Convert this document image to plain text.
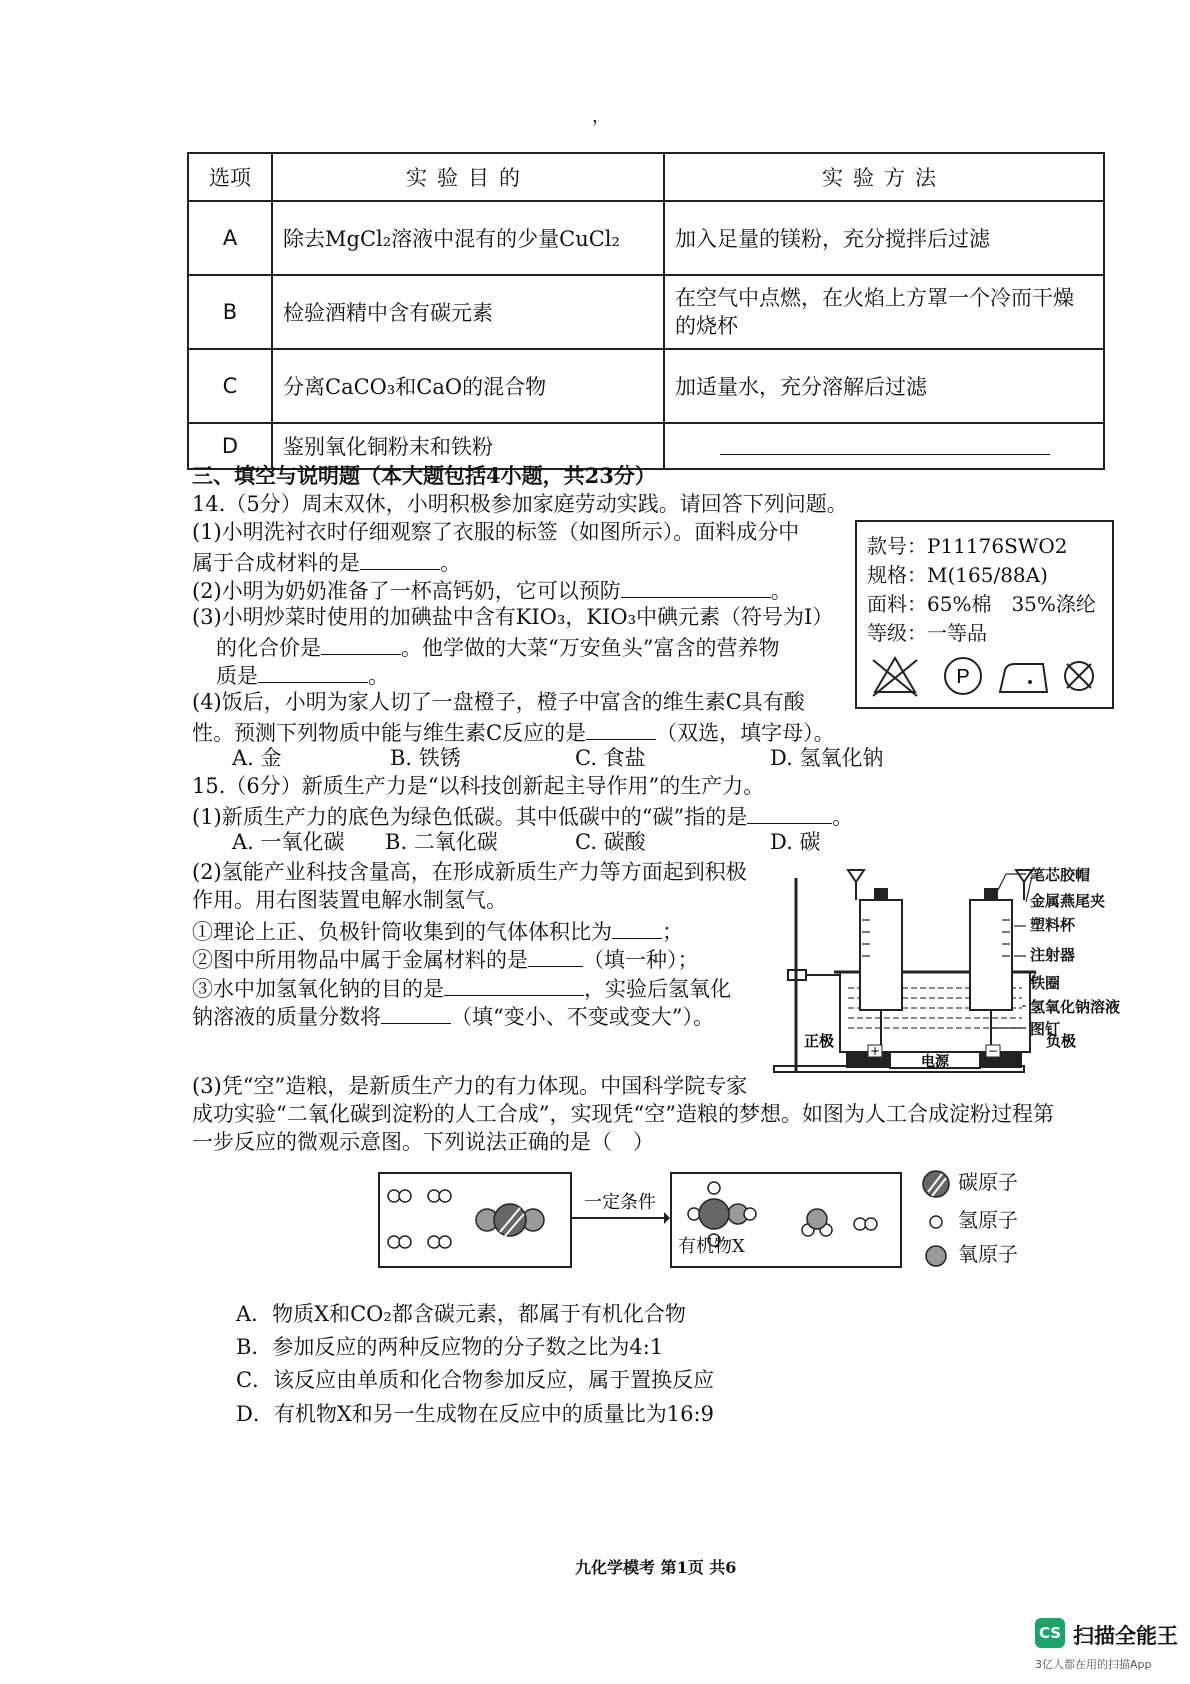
，
选项	实验目的	实验方法
A	除去MgCl₂溶液中混有的少量CuCl₂	加入足量的镁粉，充分搅拌后过滤
B	检验酒精中含有碳元素	在空气中点燃，在火焰上方罩一个冷而干燥的烧杯
C	分离CaCO₃和CaO的混合物	加适量水，充分溶解后过滤
D	鉴别氧化铜粉末和铁粉	
三、填空与说明题（本大题包括4小题，共23分）
14.（5分）周末双休，小明积极参加家庭劳动实践。请回答下列问题。
(1)小明洗衬衣时仔细观察了衣服的标签（如图所示）。面料成分中
属于合成材料的是	。
(2)小明为奶奶准备了一杯高钙奶，它可以预防	。
(3)小明炒菜时使用的加碘盐中含有KIO₃，KIO₃中碘元素（符号为I）
的化合价是	。他学做的大菜“万安鱼头”富含的营养物
质是	。
(4)饭后，小明为家人切了一盘橙子，橙子中富含的维生素C具有酸
性。预测下列物质中能与维生素C反应的是	（双选，填字母）。
A. 金	B. 铁锈	C. 食盐	D. 氢氧化钠
款号：P11176SWO2
规格：M(165/88A)
面料：65%棉　35%涤纶
等级：一等品
P
15.（6分）新质生产力是“以科技创新起主导作用”的生产力。
(1)新质生产力的底色为绿色低碳。其中低碳中的“碳”指的是	。
A. 一氧化碳 B. 二氧化碳	C. 碳酸	D. 碳
(2)氢能产业科技含量高，在形成新质生产力等方面起到积极
作用。用右图装置电解水制氢气。
①理论上正、负极针筒收集到的气体体积比为 ；
②图中所用物品中属于金属材料的是	（填一种）；
③水中加氢氧化钠的目的是	，实验后氢氧化
钠溶液的质量分数将	（填“变小、不变或变大”）。
电源
+	−
正极	负极
笔芯胶帽
金属燕尾夹
塑料杯
注射器
铁圈
氢氧化钠溶液
图钉
(3)凭“空”造粮，是新质生产力的有力体现。中国科学院专家
成功实验“二氧化碳到淀粉的人工合成”，实现凭“空”造粮的梦想。如图为人工合成淀粉过程第
一步反应的微观示意图。下列说法正确的是（　）
一定条件
有机物X
碳原子
氢原子
氧原子
A．物质X和CO₂都含碳元素，都属于有机化合物
B．参加反应的两种反应物的分子数之比为4:1
C．该反应由单质和化合物参加反应，属于置换反应
D．有机物X和另一生成物在反应中的质量比为16:9
九化学模考 第1页 共6
CS 扫描全能王
3亿人都在用的扫描App
